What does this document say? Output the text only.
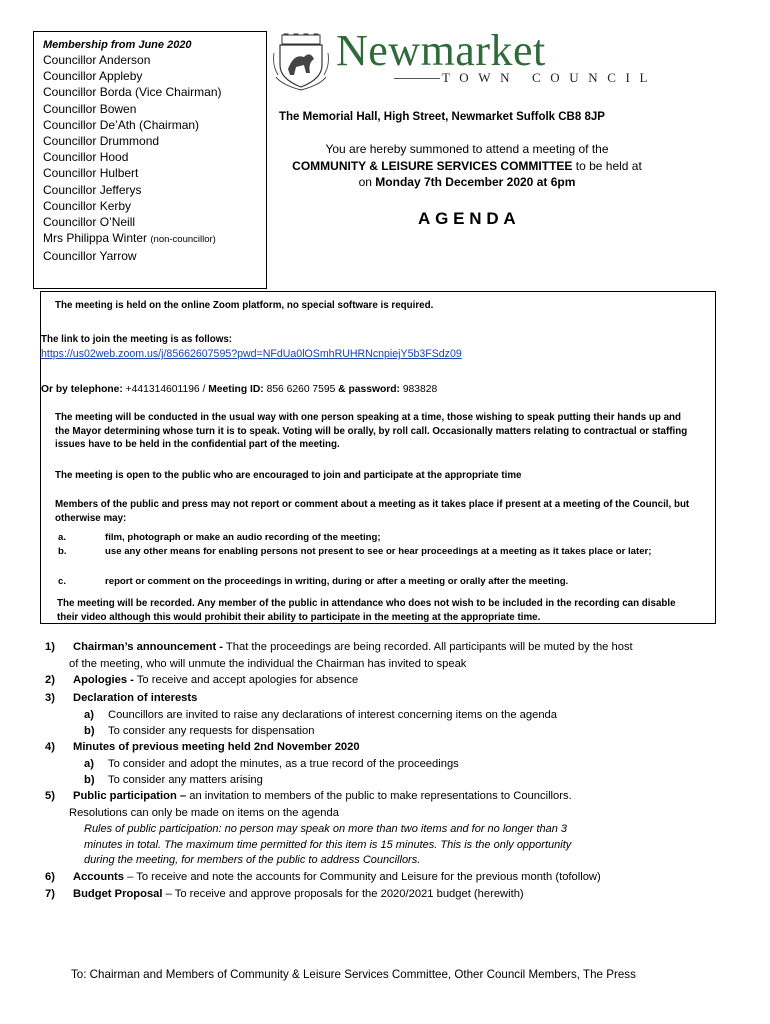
Membership from June 2020
Councillor Anderson
Councillor Appleby
Councillor Borda (Vice Chairman)
Councillor Bowen
Councillor De’Ath (Chairman)
Councillor Drummond
Councillor Hood
Councillor Hulbert
Councillor Jefferys
Councillor Kerby
Councillor O’Neill
Mrs Philippa Winter (non-councillor)
Councillor Yarrow
Newmarket
TOWN COUNCIL
The Memorial Hall, High Street, Newmarket Suffolk CB8 8JP
You are hereby summoned to attend a meeting of the
COMMUNITY & LEISURE SERVICES COMMITTEE to be held at
on Monday 7th December 2020 at 6pm
AGENDA
The meeting is held on the online Zoom platform, no special software is required.
The link to join the meeting is as follows:
https://us02web.zoom.us/j/85662607595?pwd=NFdUa0lOSmhRUHRNcnpiejY5b3FSdz09
Or by telephone: +441314601196 / Meeting ID: 856 6260 7595 & password: 983828
The meeting will be conducted in the usual way with one person speaking at a time, those wishing to speak putting their hands up and the Mayor determining whose turn it is to speak. Voting will be orally, by roll call. Occasionally matters relating to contractual or staffing issues have to be held in the confidential part of the meeting.
The meeting is open to the public who are encouraged to join and participate at the appropriate time
Members of the public and press may not report or comment about a meeting as it takes place if present at a meeting of the Council, but otherwise may:
a.	film, photograph or make an audio recording of the meeting;
b.	use any other means for enabling persons not present to see or hear proceedings at a meeting as it takes place or later;
c.	report or comment on the proceedings in writing, during or after a meeting or orally after the meeting.
The meeting will be recorded. Any member of the public in attendance who does not wish to be included in the recording can disable their video although this would prohibit their ability to participate in the meeting at the appropriate time.
1) Chairman’s announcement - That the proceedings are being recorded. All participants will be muted by the host
of the meeting, who will unmute the individual the Chairman has invited to speak
2) Apologies - To receive and accept apologies for absence
3) Declaration of interests
a) Councillors are invited to raise any declarations of interest concerning items on the agenda
b) To consider any requests for dispensation
4) Minutes of previous meeting held 2nd November 2020
a) To consider and adopt the minutes, as a true record of the proceedings
b) To consider any matters arising
5) Public participation – an invitation to members of the public to make representations to Councillors.
Resolutions can only be made on items on the agenda
Rules of public participation: no person may speak on more than two items and for no longer than 3
minutes in total. The maximum time permitted for this item is 15 minutes. This is the only opportunity
during the meeting, for members of the public to address Councillors.
6) Accounts – To receive and note the accounts for Community and Leisure for the previous month (tofollow)
7) Budget Proposal – To receive and approve proposals for the 2020/2021 budget (herewith)
To: Chairman and Members of Community & Leisure Services Committee, Other Council Members, The Press
